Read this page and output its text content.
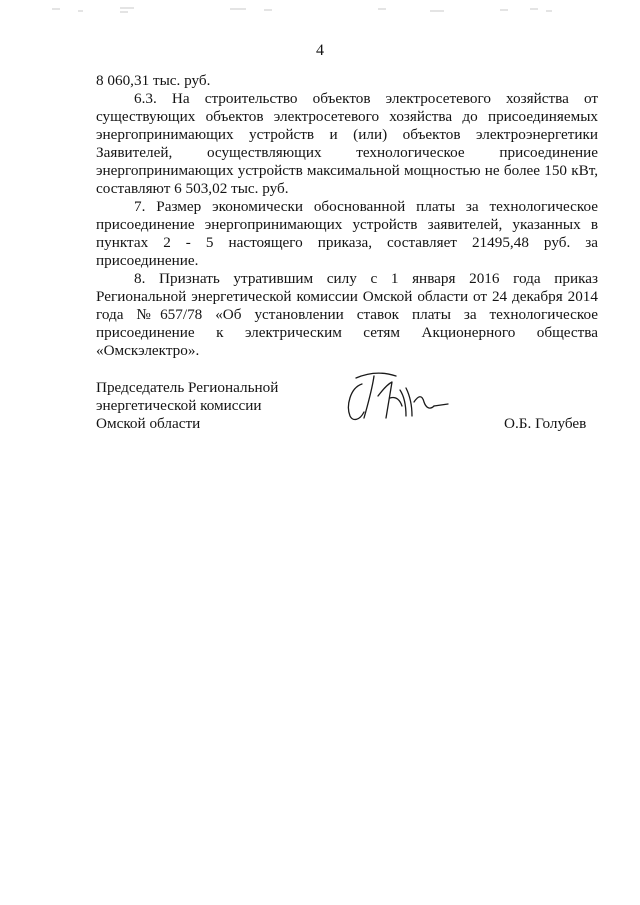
4
8 060,31 тыс. руб.
6.3. На строительство объектов электросетевого хозяйства от
существующих объектов электросетевого хозяйства до присоединяемых
энергопринимающих устройств и (или) объектов электроэнергетики
Заявителей, осуществляющих технологическое присоединение
энергопринимающих устройств максимальной мощностью не более 150 кВт,
составляют 6 503,02 тыс. руб.
7. Размер экономически обоснованной платы за технологическое
присоединение энергопринимающих устройств заявителей, указанных в
пунктах 2 - 5 настоящего приказа, составляет 21495,48 руб. за
присоединение.
8. Признать утратившим силу с 1 января 2016 года приказ
Региональной энергетической комиссии Омской области от 24 декабря 2014
года №657/78 «Об установлении ставок платы за технологическое
присоединение к электрическим сетям Акционерного общества
«Омскэлектро».
Председатель Региональной
энергетической комиссии
Омской области	О.Б. Голубев
